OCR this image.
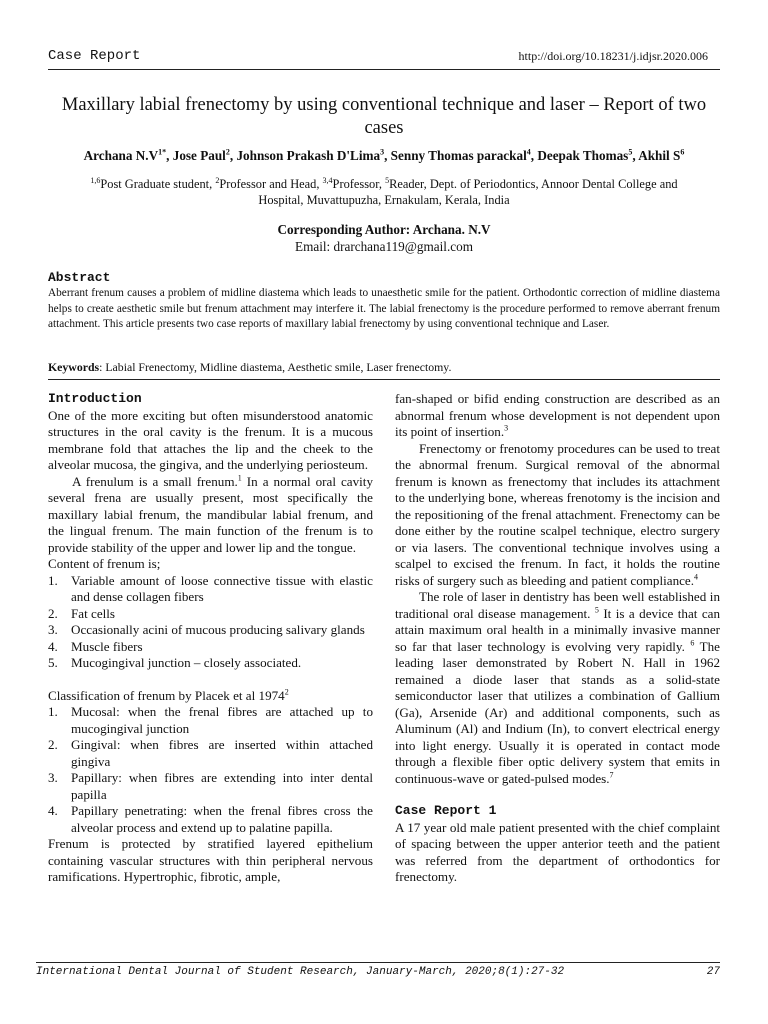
Case Report	http://doi.org/10.18231/j.idjsr.2020.006
Maxillary labial frenectomy by using conventional technique and laser – Report of two cases
Archana $N.V^{1*}$, Jose Paul$^2$, Johnson Prakash D'Lima$^3$, Senny Thomas parackal$^4$, Deepak Thomas$^5$, Akhil $S^6$
$^{1,6}$Post Graduate student, $^2$Professor and Head, $^{3,4}$Professor, $^5$Reader, Dept. of Periodontics, Annoor Dental College and Hospital, Muvattupuzha, Ernakulam, Kerala, India
Corresponding Author: Archana. N.V
Email: drarchana119@gmail.com
Abstract
Aberrant frenum causes a problem of midline diastema which leads to unaesthetic smile for the patient. Orthodontic correction of midline diastema helps to create aesthetic smile but frenum attachment may interfere it. The labial frenectomy is the procedure performed to remove aberrant frenum attachment. This article presents two case reports of maxillary labial frenectomy by using conventional technique and Laser.
Keywords: Labial Frenectomy, Midline diastema, Aesthetic smile, Laser frenectomy.
Introduction

One of the more exciting but often misunderstood anatomic structures in the oral cavity is the frenum. It is a mucous membrane fold that attaches the lip and the cheek to the alveolar mucosa, the gingiva, and the underlying periosteum.

A frenulum is a small frenum.$^1$ In a normal oral cavity several frena are usually present, most specifically the maxillary labial frenum, the mandibular labial frenum, and the lingual frenum. The main function of the frenum is to provide stability of the upper and lower lip and the tongue.

Content of frenum is;

1.	Variable amount of loose connective tissue with elastic and dense collagen fibers
2.	Fat cells
3.	Occasionally acini of mucous producing salivary glands
4.	Muscle fibers
5.	Mucogingival junction – closely associated.

Classification of frenum by Placek et al 1974$^2$

1.	Mucosal: when the frenal fibres are attached up to mucogingival junction
2.	Gingival: when fibres are inserted within attached gingiva
3.	Papillary: when fibres are extending into inter dental papilla
4.	Papillary penetrating: when the frenal fibres cross the alveolar process and extend up to palatine papilla.

Frenum is protected by stratified layered epithelium containing vascular structures with thin peripheral nervous ramifications. Hypertrophic, fibrotic, ample,

fan-shaped or bifid ending construction are described as an abnormal frenum whose development is not dependent upon its point of insertion.$^3$

Frenectomy or frenotomy procedures can be used to treat the abnormal frenum. Surgical removal of the abnormal frenum is known as frenectomy that includes its attachment to the underlying bone, whereas frenotomy is the incision and the repositioning of the frenal attachment. Frenectomy can be done either by the routine scalpel technique, electro surgery or via lasers. The conventional technique involves using a scalpel to excised the frenum. In fact, it holds the routine risks of surgery such as bleeding and patient compliance.$^4$

The role of laser in dentistry has been well established in traditional oral disease management. $^5$ It is a device that can attain maximum oral health in a minimally invasive manner so far that laser technology is evolving very rapidly. $^6$ The leading laser demonstrated by Robert N. Hall in 1962 remained a diode laser that stands as a solid-state semiconductor laser that utilizes a combination of Gallium (Ga), Arsenide (Ar) and additional components, such as Aluminum (Al) and Indium (In), to convert electrical energy into light energy. Usually it is operated in contact mode through a flexible fiber optic delivery system that emits in continuous-wave or gated-pulsed modes.$^7$

Case Report 1

A 17 year old male patient presented with the chief complaint of spacing between the upper anterior teeth and the patient was referred from the department of orthodontics for frenectomy.

International Dental Journal of Student Research, January-March, 2020;8(1):27-32	27
